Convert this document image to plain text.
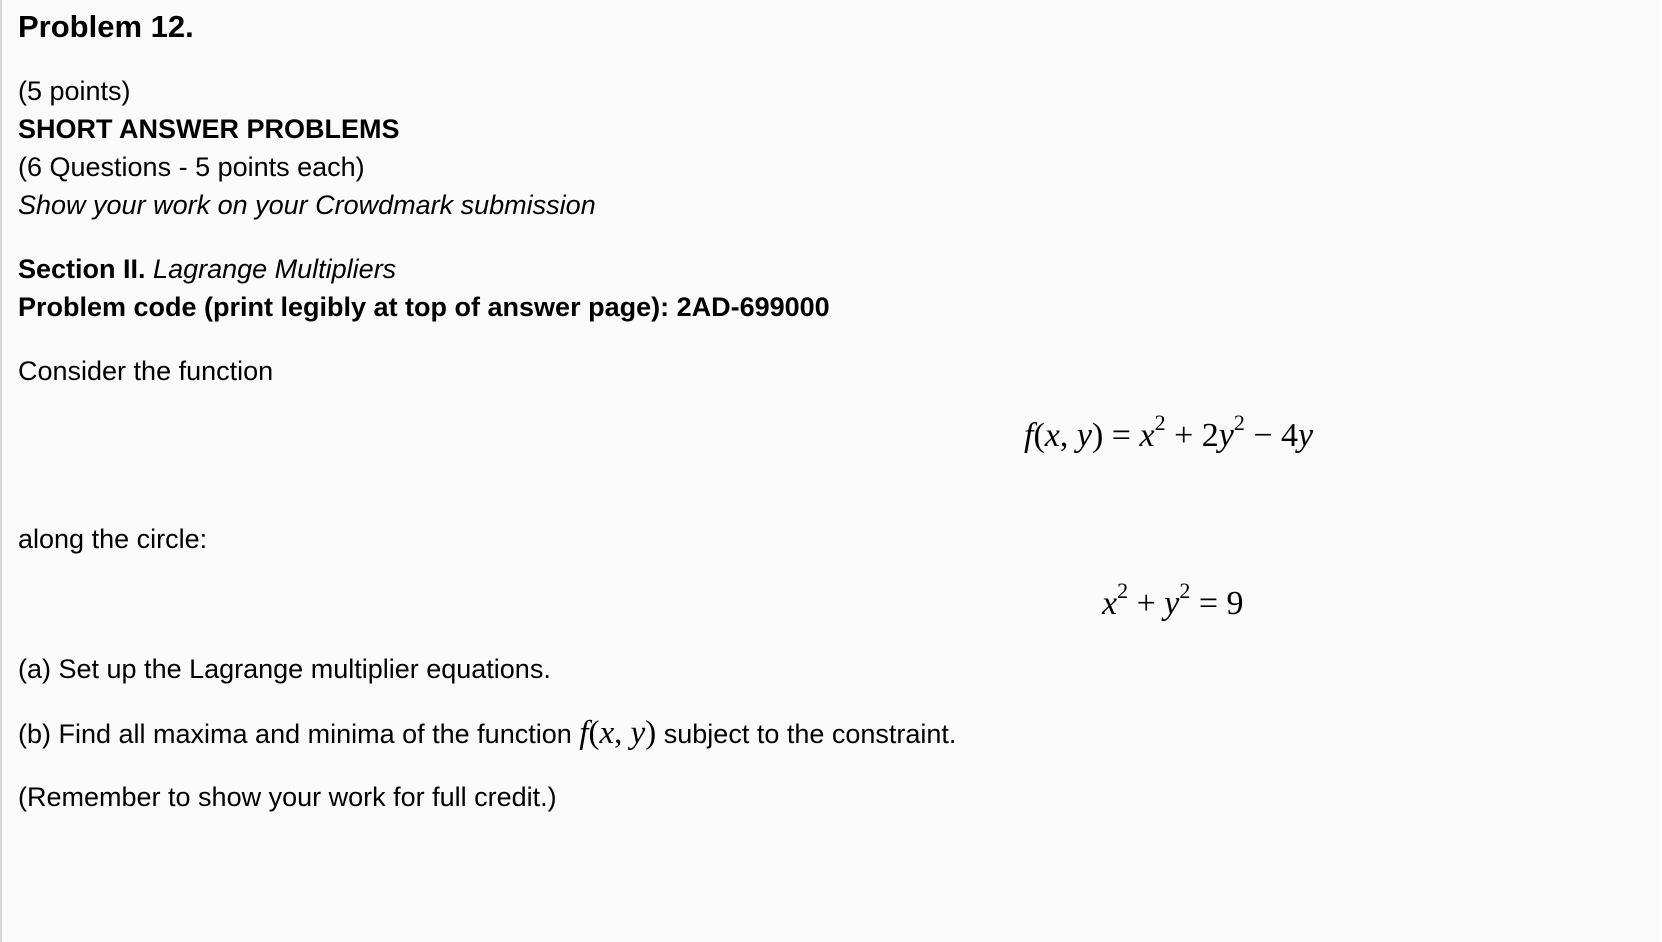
Problem 12.
(5 points)
SHORT ANSWER PROBLEMS
(6 Questions - 5 points each)
Show your work on your Crowdmark submission
Section II. Lagrange Multipliers
Problem code (print legibly at top of answer page): 2AD-699000
Consider the function
f(x, $y) = x^2 + 2y^2 - 4y$
along the circle:
$x^2 + y^2 = 9$
(a) Set up the Lagrange multiplier equations.
(b) Find all maxima and minima of the function f(x, y) subject to the constraint.
(Remember to show your work for full credit.)
